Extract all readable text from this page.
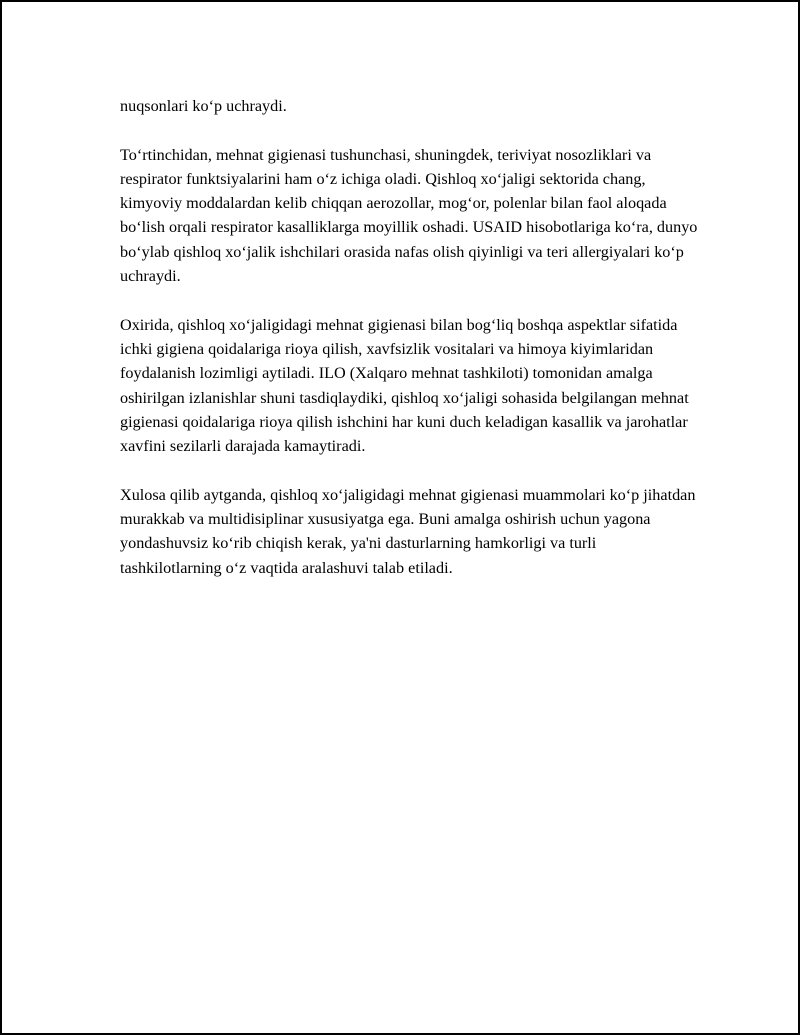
nuqsonlari ko‘p uchraydi.

To‘rtinchidan, mehnat gigienasi tushunchasi, shuningdek, teriviyat nosozliklari va respirator funktsiyalarini ham o‘z ichiga oladi. Qishloq xo‘jaligi sektorida chang, kimyoviy moddalardan kelib chiqqan aerozollar, mog‘or, polenlar bilan faol aloqada bo‘lish orqali respirator kasalliklarga moyillik oshadi. USAID hisobotlariga ko‘ra, dunyo bo‘ylab qishloq xo‘jalik ishchilari orasida nafas olish qiyinligi va teri allergiyalari ko‘p uchraydi.

Oxirida, qishloq xo‘jaligidagi mehnat gigienasi bilan bog‘liq boshqa aspektlar sifatida ichki gigiena qoidalariga rioya qilish, xavfsizlik vositalari va himoya kiyimlaridan foydalanish lozimligi aytiladi. ILO (Xalqaro mehnat tashkiloti) tomonidan amalga oshirilgan izlanishlar shuni tasdiqlaydiki, qishloq xo‘jaligi sohasida belgilangan mehnat gigienasi qoidalariga rioya qilish ishchini har kuni duch keladigan kasallik va jarohatlar xavfini sezilarli darajada kamaytiradi.

Xulosa qilib aytganda, qishloq xo‘jaligidagi mehnat gigienasi muammolari ko‘p jihatdan murakkab va multidisiplinar xususiyatga ega. Buni amalga oshirish uchun yagona yondashuvsiz ko‘rib chiqish kerak, ya'ni dasturlarning hamkorligi va turli tashkilotlarning o‘z vaqtida aralashuvi talab etiladi.
